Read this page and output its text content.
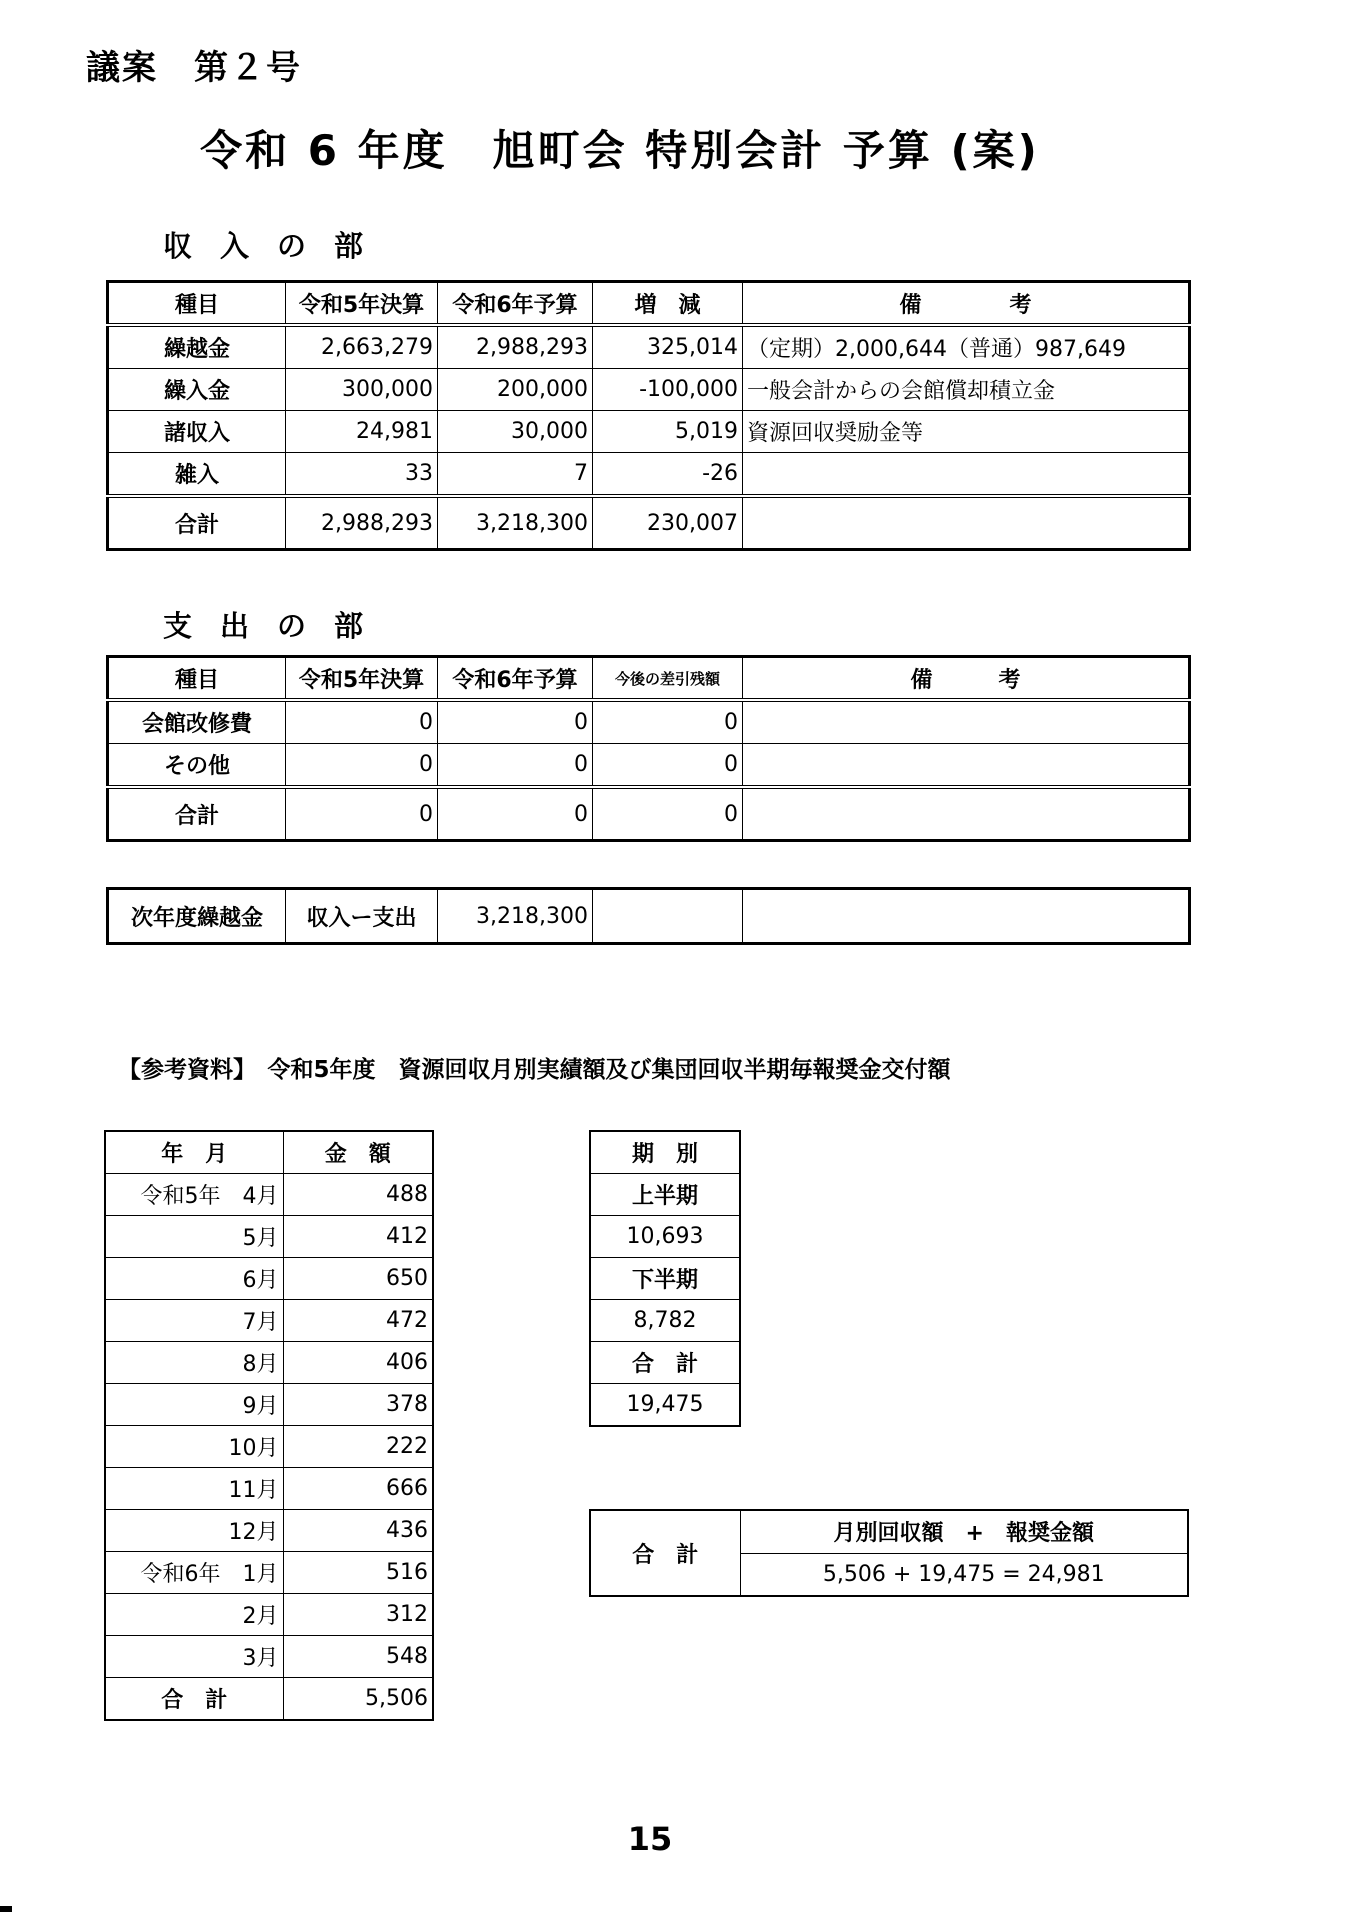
議案　第２号
令和 6 年度　旭町会 特別会計 予算 (案)
収入の部
種目	令和5年決算	令和6年予算	増　減	備　　　　考
繰越金	2,663,279	2,988,293	325,014	（定期）2,000,644（普通）987,649
繰入金	300,000	200,000	-100,000	一般会計からの会館償却積立金
諸収入	24,981	30,000	5,019	資源回収奨励金等
雑入	33	7	-26	
合計	2,988,293	3,218,300	230,007	
支出の部
種目	令和5年決算	令和6年予算	今後の差引残額	備　　　考
会館改修費	0	0	0	
その他	0	0	0	
合計	0	0	0	
次年度繰越金	収入ー支出	3,218,300		
【参考資料】　令和5年度　資源回収月別実績額及び集団回収半期毎報奨金交付額
年　月	金　額
令和5年　4月	488
5月	412
6月	650
7月	472
8月	406
9月	378
10月	222
11月	666
12月	436
令和6年　1月	516
2月	312
3月	548
合　計	5,506
期　別
上半期
10,693
下半期
8,782
合　計
19,475
合　計	月別回収額　+　報奨金額
5,506 + 19,475 = 24,981
15
